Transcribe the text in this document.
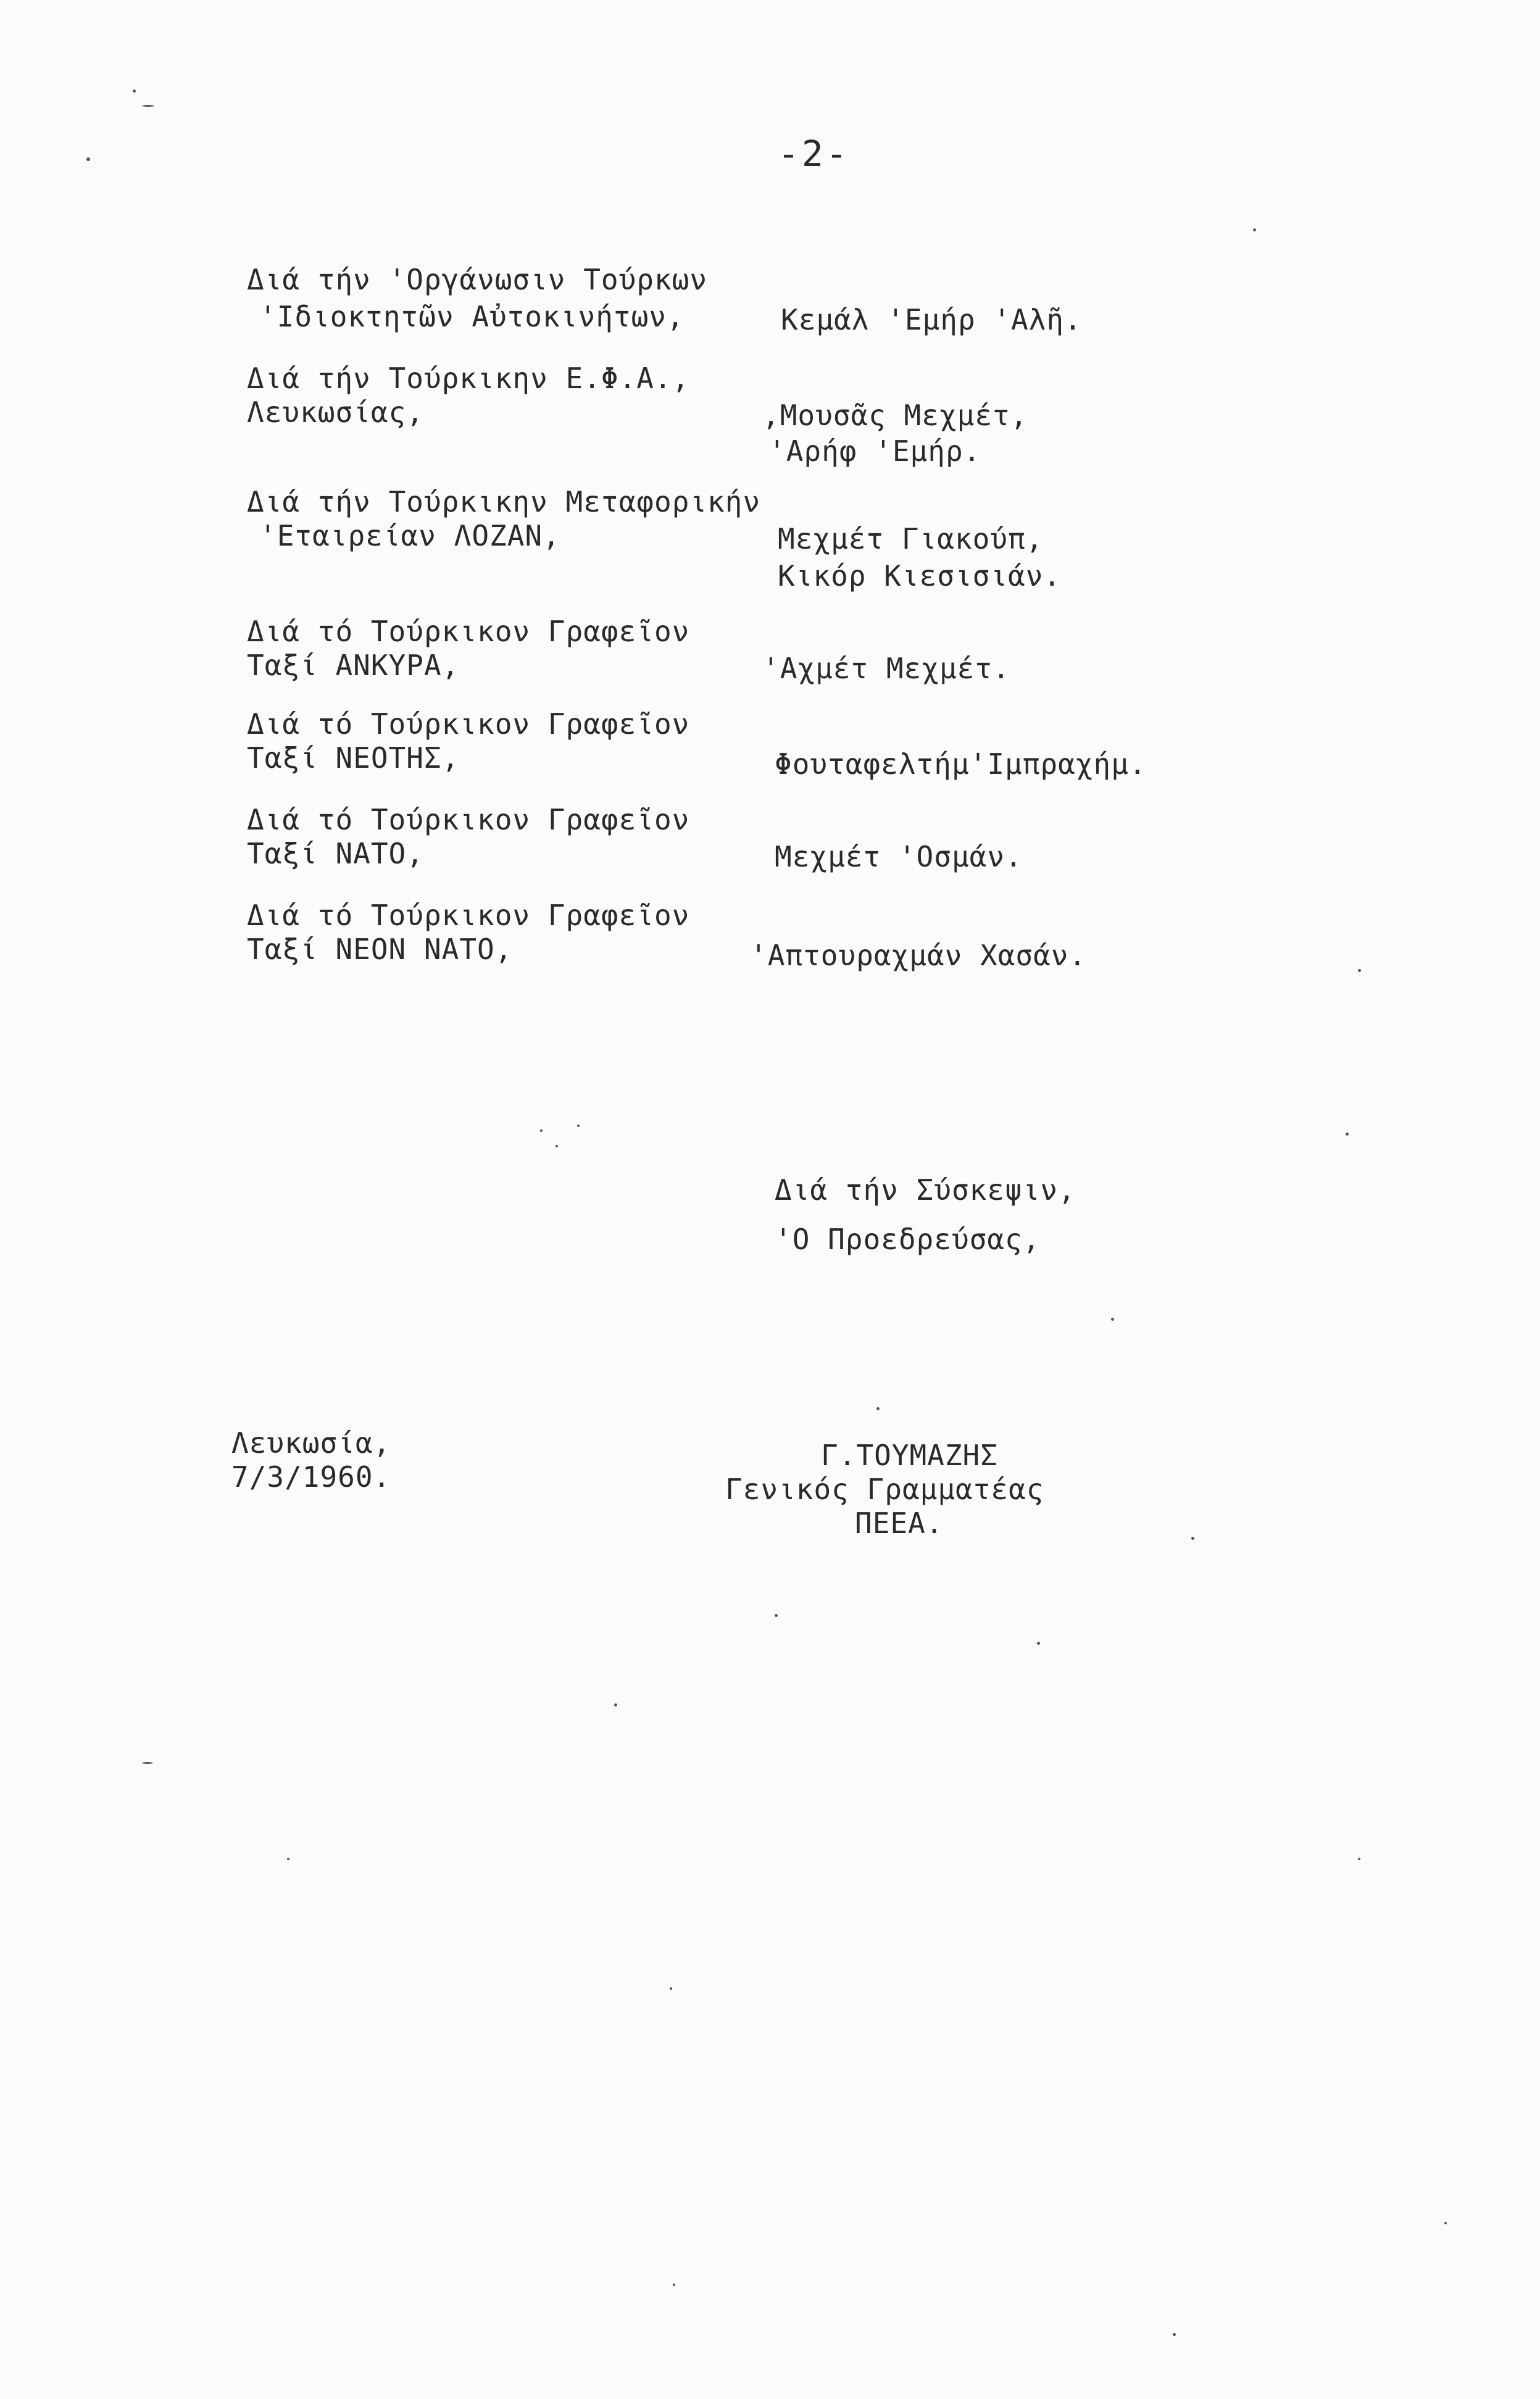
-2-
Διά τήν 'Οργάνωσιν Τούρκων
'Ιδιοκτητῶν Αὐτοκινήτων,	Κεμάλ 'Εμήρ 'Αλῆ.
Διά τήν Τούρκικην Ε.Φ.Α.,
Λευκωσίας,	,Μουσᾶς Μεχμέτ,
'Αρήφ 'Εμήρ.
Διά τήν Τούρκικην Μεταφορικήν
'Εταιρείαν ΛΟΖΑΝ,	Μεχμέτ Γιακούπ,
Κικόρ Κιεσισιάν.
Διά τό Τούρκικον Γραφεῖον
Ταξί ΑΝΚΥΡΑ,	'Αχμέτ Μεχμέτ.
Διά τό Τούρκικον Γραφεῖον
Ταξί ΝΕΟΤΗΣ,	Φουταφελτήμ'Ιμπραχήμ.
Διά τό Τούρκικον Γραφεῖον
Ταξί ΝΑΤΟ,	Μεχμέτ 'Οσμάν.
Διά τό Τούρκικον Γραφεῖον
Ταξί ΝΕΟΝ ΝΑΤΟ,	'Απτουραχμάν Χασάν.
Διά τήν Σύσκεψιν,
'Ο Προεδρεύσας,
Λευκωσία,
7/3/1960.
Γ.ΤΟΥΜΑΖΗΣ
Γενικός Γραμματέας
ΠΕΕΑ.
